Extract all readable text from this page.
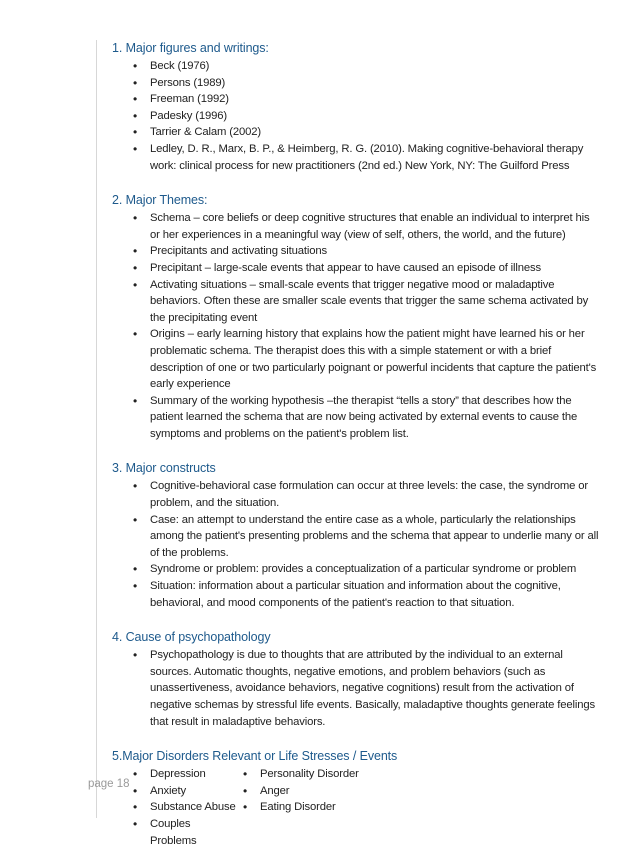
1. Major figures and writings:
• Beck (1976)
• Persons (1989)
• Freeman (1992)
• Padesky (1996)
• Tarrier & Calam (2002)
• Ledley, D. R., Marx, B. P., & Heimberg, R. G. (2010). Making cognitive-behavioral therapy work: clinical process for new practitioners (2nd ed.) New York, NY: The Guilford Press
2. Major Themes:
• Schema – core beliefs or deep cognitive structures that enable an individual to interpret his or her experiences in a meaningful way (view of self, others, the world, and the future)
• Precipitants and activating situations
• Precipitant – large-scale events that appear to have caused an episode of illness
• Activating situations – small-scale events that trigger negative mood or maladaptive behaviors. Often these are smaller scale events that trigger the same schema activated by the precipitating event
• Origins – early learning history that explains how the patient might have learned his or her problematic schema. The therapist does this with a simple statement or with a brief description of one or two particularly poignant or powerful incidents that capture the patient's early experience
• Summary of the working hypothesis –the therapist “tells a story” that describes how the patient learned the schema that are now being activated by external events to cause the symptoms and problems on the patient's problem list.
3. Major constructs
• Cognitive-behavioral case formulation can occur at three levels: the case, the syndrome or problem, and the situation.
• Case: an attempt to understand the entire case as a whole, particularly the relationships among the patient's presenting problems and the schema that appear to underlie many or all of the problems.
• Syndrome or problem: provides a conceptualization of a particular syndrome or problem
• Situation: information about a particular situation and information about the cognitive, behavioral, and mood components of the patient's reaction to that situation.
4. Cause of psychopathology
• Psychopathology is due to thoughts that are attributed by the individual to an external sources. Automatic thoughts, negative emotions, and problem behaviors (such as unassertiveness, avoidance behaviors, negative cognitions) result from the activation of negative schemas by stressful life events. Basically, maladaptive thoughts generate feelings that result in maladaptive behaviors.
5.Major Disorders Relevant or Life Stresses / Events
• Depression
• Anxiety
• Substance Abuse
• Couples Problems
• Personality Disorder
• Anger
• Eating Disorder
page 18
